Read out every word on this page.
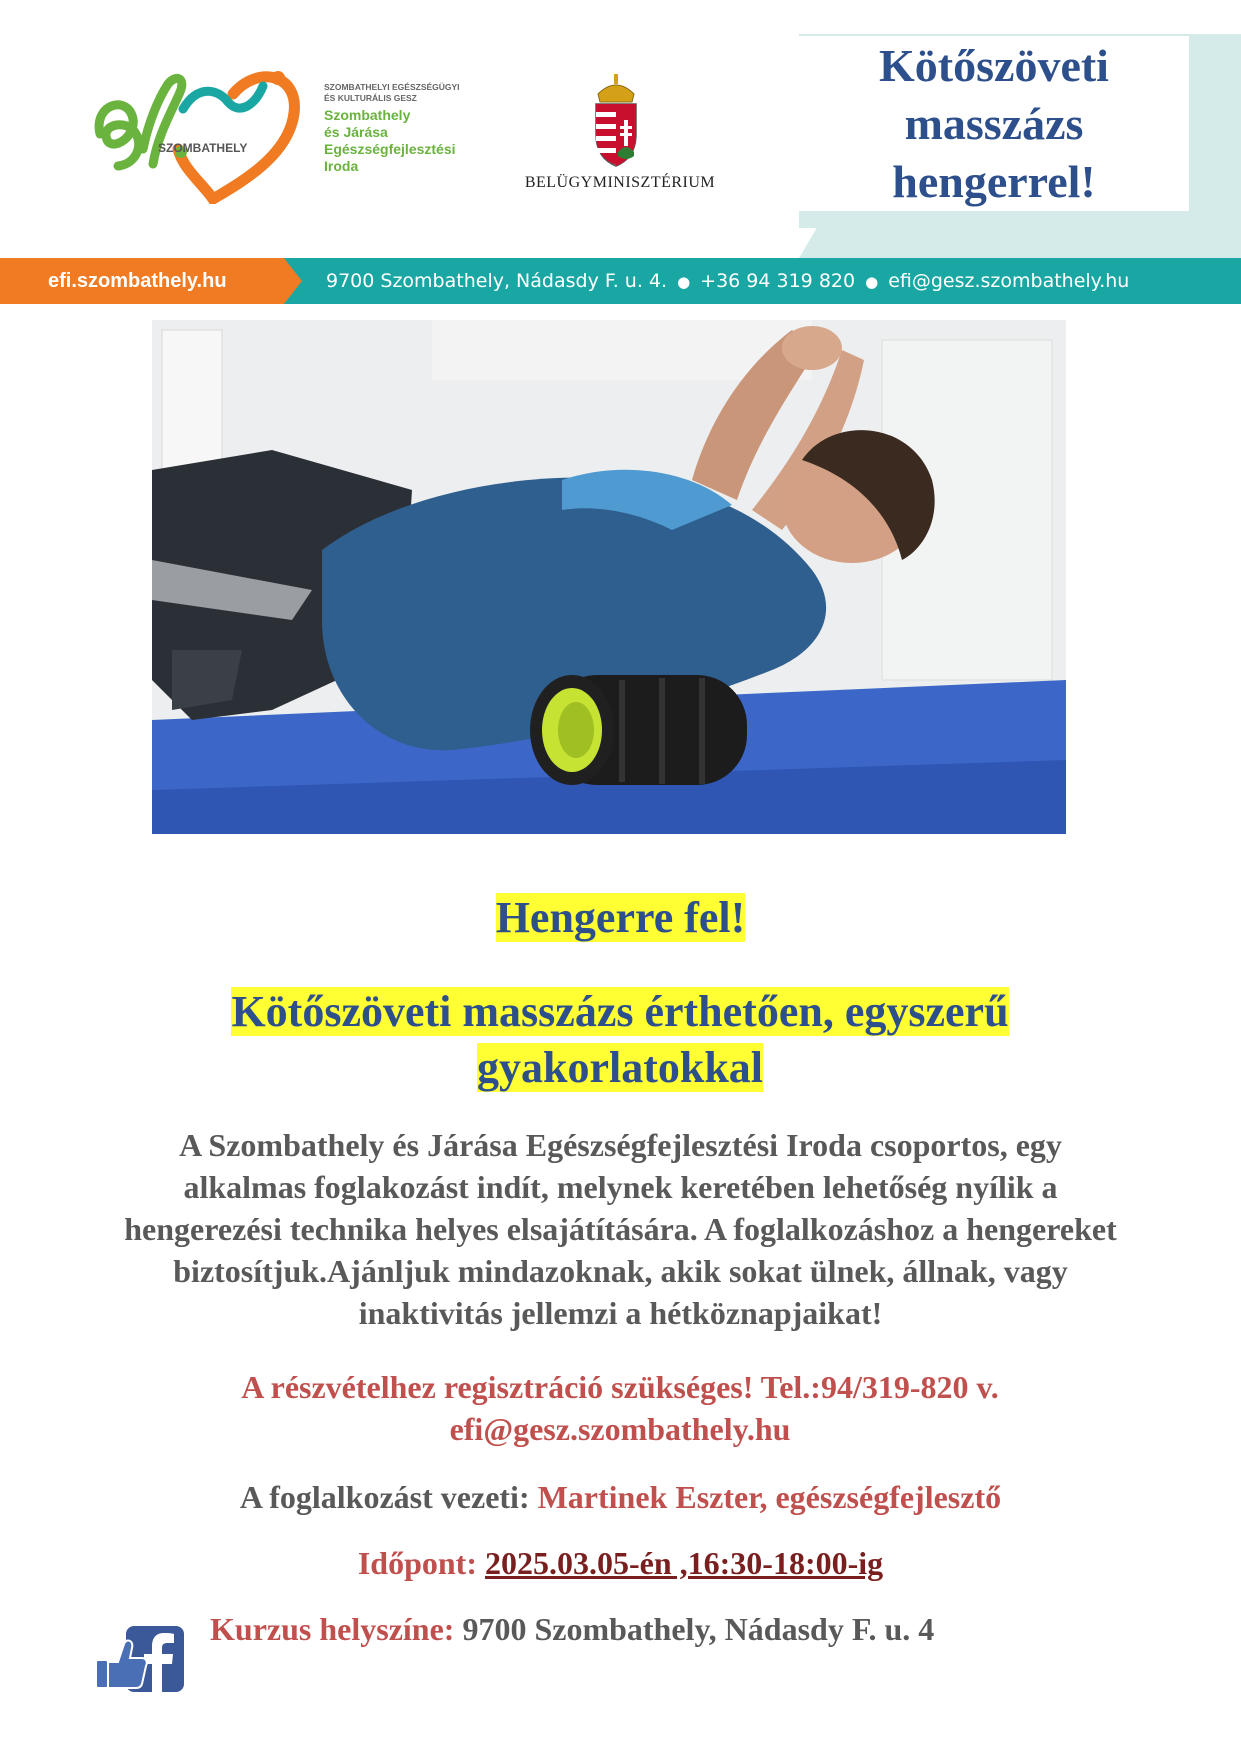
Kötőszöveti
masszázs
hengerrel!
SZOMBATHELY
SZOMBATHELYI EGÉSZSÉGÜGYI
ÉS KULTURÁLIS GESZ
Szombathely
és Járása
Egészségfejlesztési
Iroda
BELÜGYMINISZTÉRIUM
efi.szombathely.hu	9700 Szombathely, Nádasdy F. u. 4. ● +36 94 319 820 ● efi@gesz.szombathely.hu
Hengerre fel!
Kötőszöveti masszázs érthetően, egyszerű
gyakorlatokkal
A Szombathely és Járása Egészségfejlesztési Iroda csoportos, egy
alkalmas foglakozást indít, melynek keretében lehetőség nyílik a
hengerezési technika helyes elsajátítására. A foglalkozáshoz a hengereket
biztosítjuk.Ajánljuk mindazoknak, akik sokat ülnek, állnak, vagy
inaktivitás jellemzi a hétköznapjaikat!
A részvételhez regisztráció szükséges! Tel.:94/319-820 v.
efi@gesz.szombathely.hu
A foglalkozást vezeti: Martinek Eszter, egészségfejlesztő
Időpont: 2025.03.05-én ,16:30-18:00-ig
Kurzus helyszíne: 9700 Szombathely, Nádasdy F. u. 4
